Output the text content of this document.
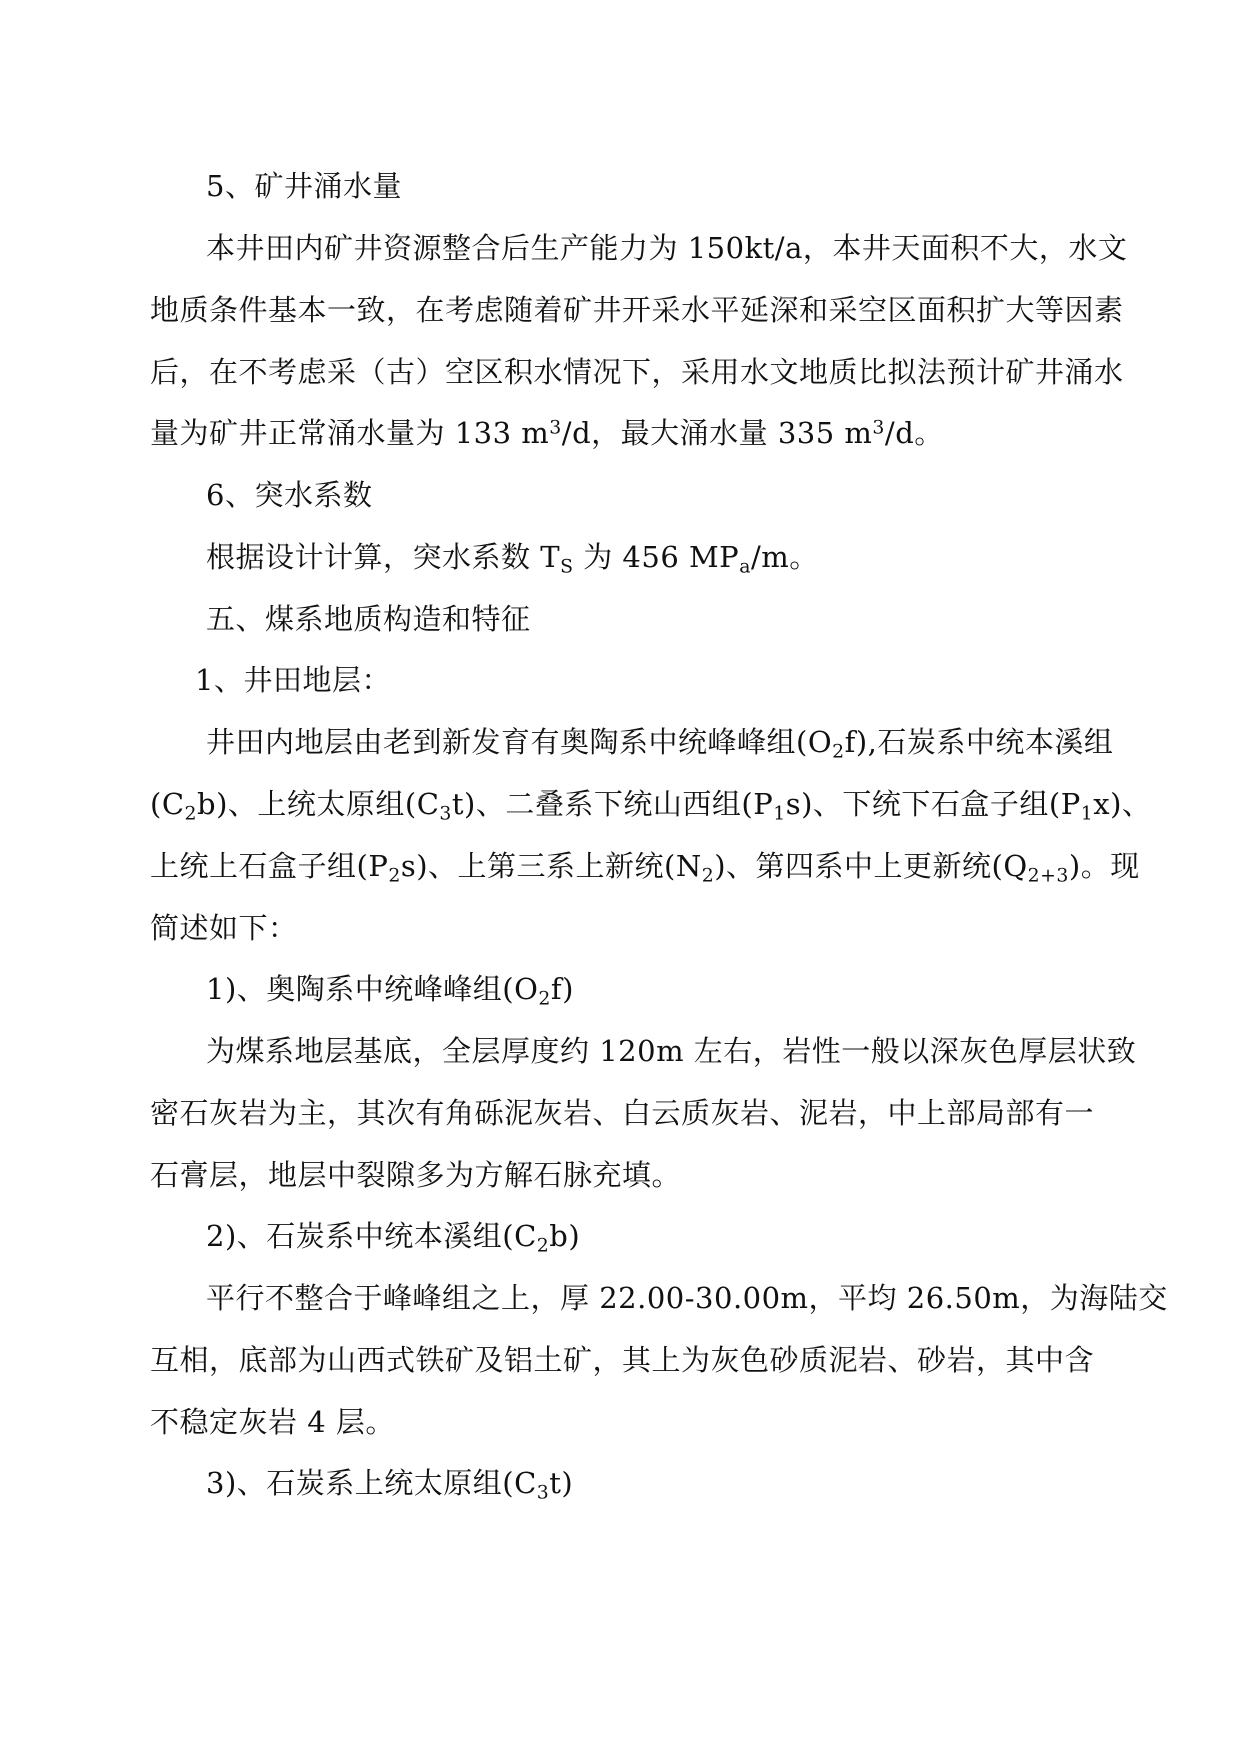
5、矿井涌水量

本井田内矿井资源整合后生产能力为 150kt/a，本井天面积不大，水文

地质条件基本一致，在考虑随着矿井开采水平延深和采空区面积扩大等因素

后，在不考虑采（古）空区积水情况下，采用水文地质比拟法预计矿井涌水

量为矿井正常涌水量为 133 $m^3/d$，最大涌水量 335 $m^3/d$。

6、突水系数

根据设计计算，突水系数 $T_S$ 为 456 $MP_a/m$。

五、煤系地质构造和特征

1、井田地层：

井田内地层由老到新发育有奥陶系中统峰峰组$(O_2f)$,石炭系中统本溪组

$(C_2b)$、上统太原组$(C_3t)$、二叠系下统山西组$(P_1s)$、下统下石盒子组$(P_1x)$、

上统上石盒子组$(P_2s)$、上第三系上新统$(N_2)$、第四系中上更新统$(Q_{2+3})$。现

简述如下：

1)、奥陶系中统峰峰组$(O_2f)$

为煤系地层基底，全层厚度约 120m 左右，岩性一般以深灰色厚层状致

密石灰岩为主，其次有角砾泥灰岩、白云质灰岩、泥岩，中上部局部有一

石膏层，地层中裂隙多为方解石脉充填。

2)、石炭系中统本溪组$(C_2b)$

平行不整合于峰峰组之上，厚 22.00-30.00m，平均 26.50m，为海陆交

互相，底部为山西式铁矿及铝土矿，其上为灰色砂质泥岩、砂岩，其中含

不稳定灰岩 4 层。

3)、石炭系上统太原组$(C_3t)$
